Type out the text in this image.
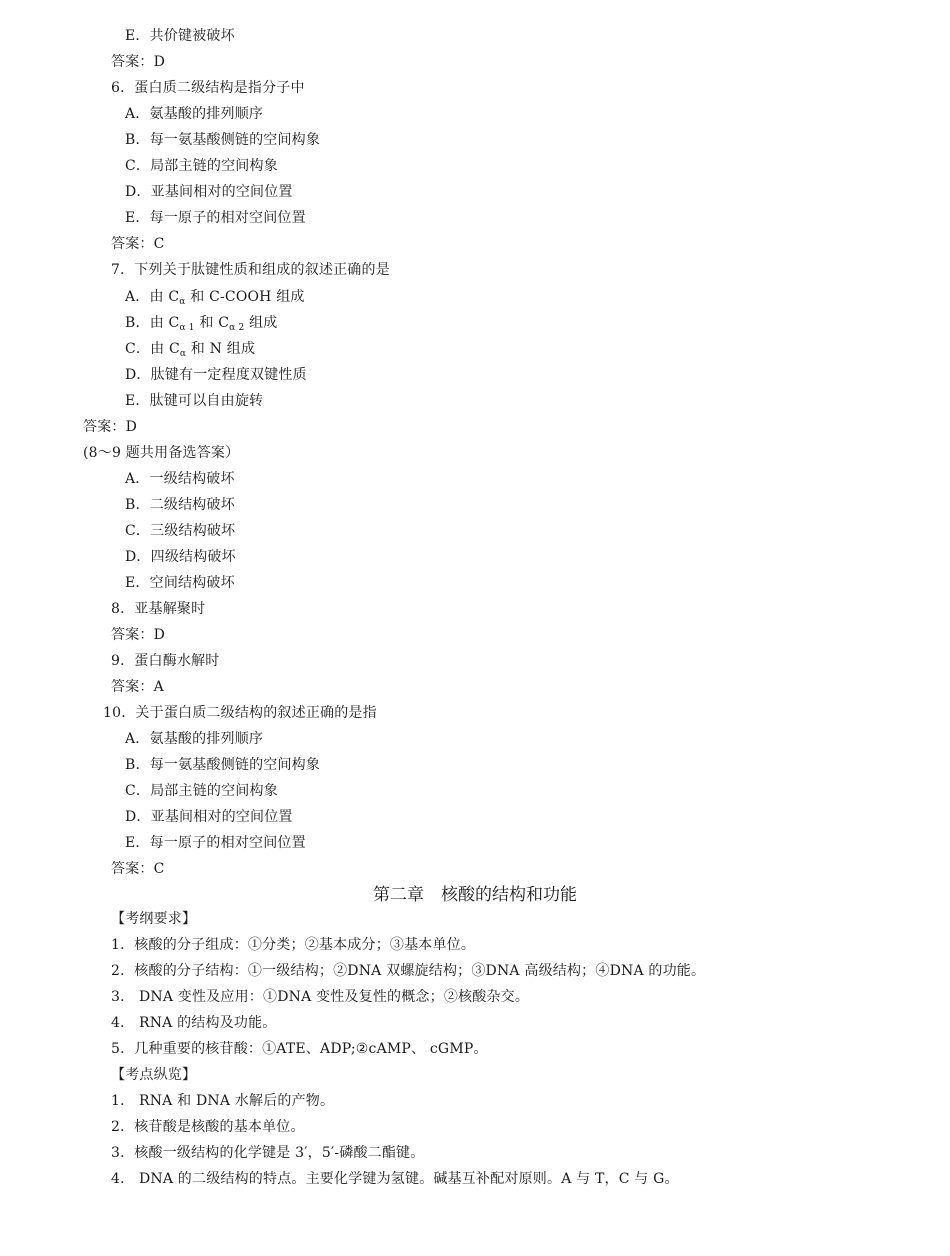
E．共价键被破坏
答案：D
6．蛋白质二级结构是指分子中
A．氨基酸的排列顺序
B．每一氨基酸侧链的空间构象
C．局部主链的空间构象
D．亚基间相对的空间位置
E．每一原子的相对空间位置
答案：C
7．下列关于肽键性质和组成的叙述正确的是
A．由 $C_\alpha$ 和 C-COOH 组成
B．由 $C_{\alpha 1}$ 和 $C_{\alpha 2}$ 组成
C．由 $C_\alpha$ 和 N 组成
D．肽键有一定程度双键性质
E．肽键可以自由旋转
答案：D
(8～9 题共用备选答案）
A．一级结构破坏
B．二级结构破坏
C．三级结构破坏
D．四级结构破坏
E．空间结构破坏
8．亚基解聚时
答案：D
9．蛋白酶水解时
答案：A
10．关于蛋白质二级结构的叙述正确的是指
A．氨基酸的排列顺序
B．每一氨基酸侧链的空间构象
C．局部主链的空间构象
D．亚基间相对的空间位置
E．每一原子的相对空间位置
答案：C
第二章　核酸的结构和功能
【考纲要求】
1．核酸的分子组成：①分类；②基本成分；③基本单位。
2．核酸的分子结构：①一级结构；②DNA 双螺旋结构；③DNA 高级结构；④DNA 的功能。
3． DNA 变性及应用：①DNA 变性及复性的概念；②核酸杂交。
4． RNA 的结构及功能。
5．几种重要的核苷酸：①ATE、ADP;②cAMP、 cGMP。
【考点纵览】
1． RNA 和 DNA 水解后的产物。
2．核苷酸是核酸的基本单位。
3．核酸一级结构的化学键是 3′，5′-磷酸二酯键。
4． DNA 的二级结构的特点。主要化学键为氢键。碱基互补配对原则。A 与 T，C 与 G。
